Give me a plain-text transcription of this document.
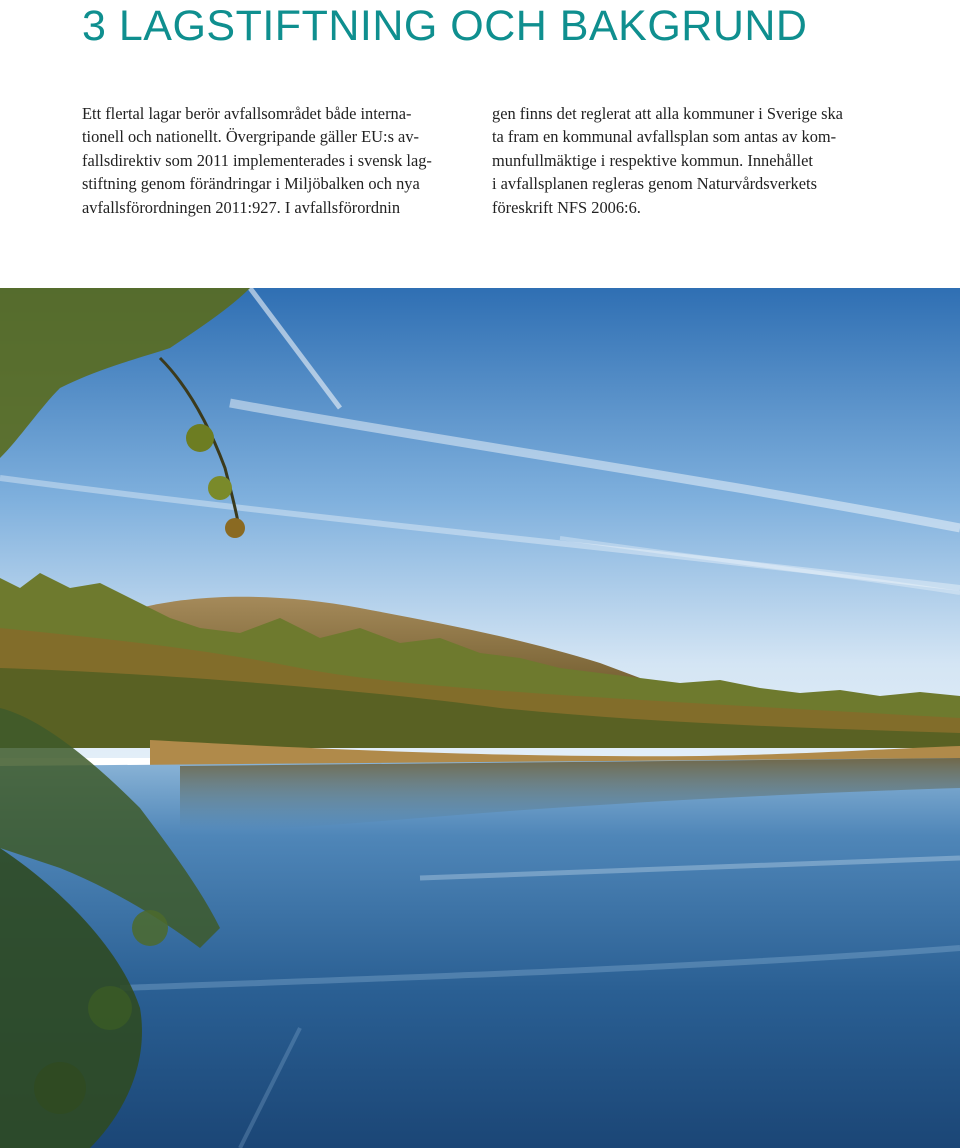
3 LAGSTIFTNING OCH BAKGRUND
Ett flertal lagar berör avfallsområdet både interna-
tionell och nationellt. Övergripande gäller EU:s av-
fallsdirektiv som 2011 implementerades i svensk lag-
stiftning genom förändringar i Miljöbalken och nya
avfallsförordningen 2011:927. I avfallsförordnin
gen finns det reglerat att alla kommuner i Sverige ska
ta fram en kommunal avfallsplan som antas av kom-
munfullmäktige i respektive kommun. Innehållet
i avfallsplanen regleras genom Naturvårdsverkets
föreskrift NFS 2006:6.
